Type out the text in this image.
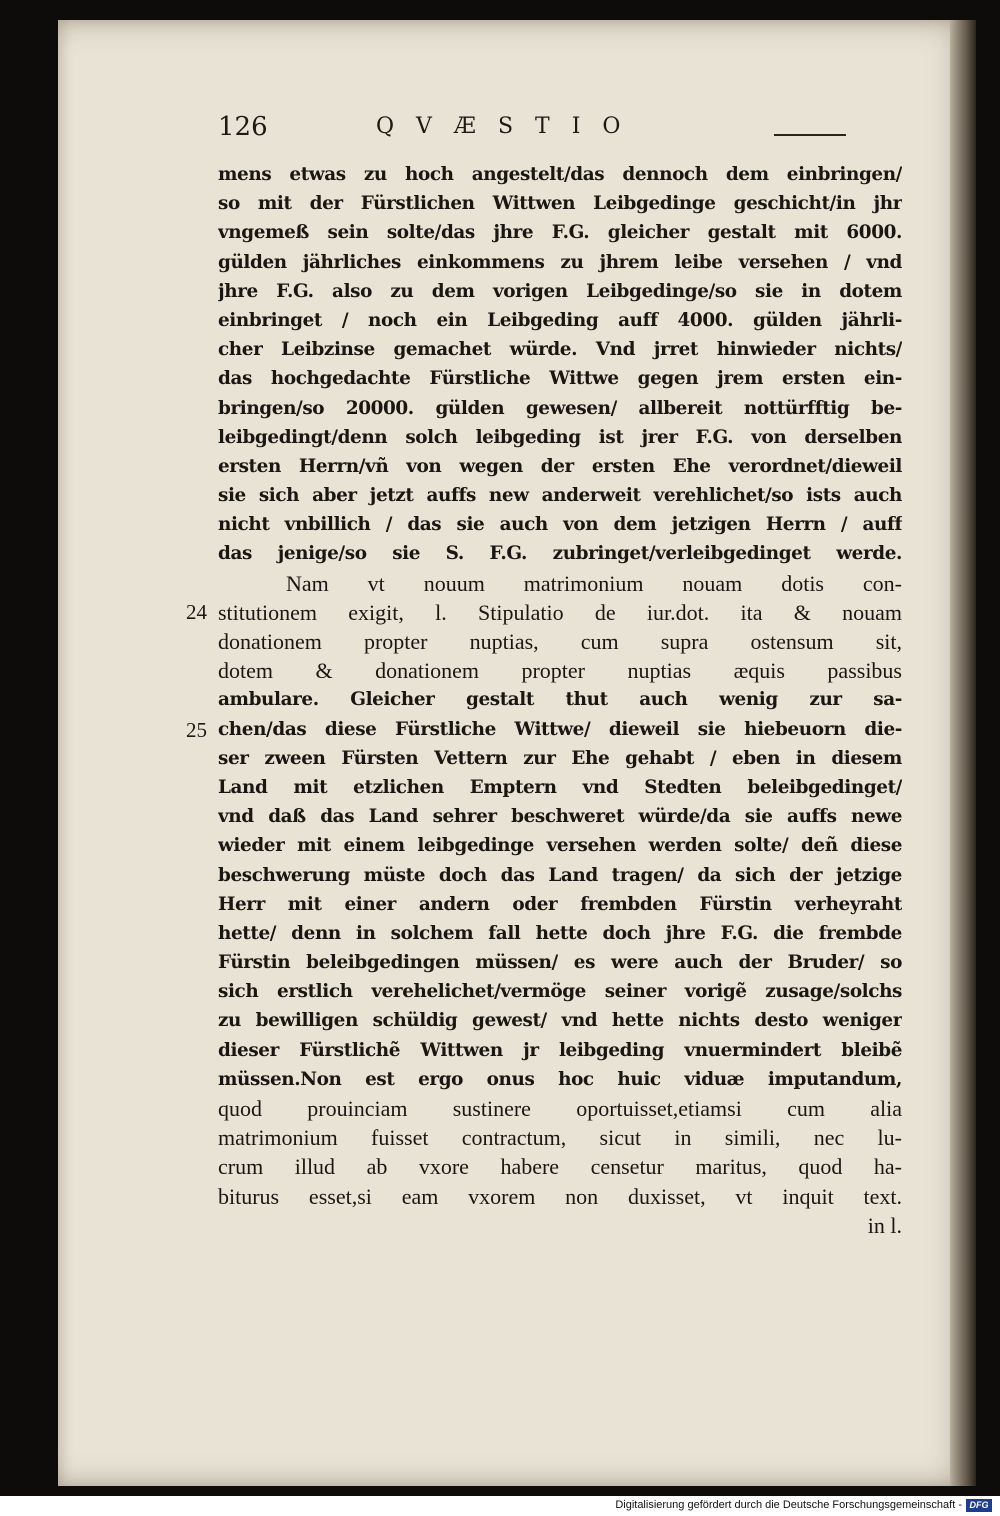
126	QVÆSTIO
24
25
mens etwas zu hoch angestelt/das dennoch dem einbringen/
so mit der Fürstlichen Wittwen Leibgedinge geschicht/in jhr
vngemeß sein solte/das jhre F.G. gleicher gestalt mit 6000.
gülden jährliches einkommens zu jhrem leibe versehen / vnd
jhre F.G. also zu dem vorigen Leibgedinge/so sie in dotem
einbringet / noch ein Leibgeding auff 4000. gülden jährli-
cher Leibzinse gemachet würde. Vnd jrret hinwieder nichts/
das hochgedachte Fürstliche Wittwe gegen jrem ersten ein-
bringen/so 20000. gülden gewesen/ allbereit nottürfftig be-
leibgedingt/denn solch leibgeding ist jrer F.G. von derselben
ersten Herrn/vñ von wegen der ersten Ehe verordnet/dieweil
sie sich aber jetzt auffs new anderweit verehlichet/so ists auch
nicht vnbillich / das sie auch von dem jetzigen Herrn / auff
das jenige/so sie S. F.G. zubringet/verleibgedinget werde.
Nam vt nouum matrimonium nouam dotis con-
stitutionem exigit, l. Stipulatio de iur.dot. ita & nouam
donationem propter nuptias, cum supra ostensum sit,
dotem & donationem propter nuptias æquis passibus
ambulare. Gleicher gestalt thut auch wenig zur sa-
chen/das diese Fürstliche Wittwe/ dieweil sie hiebeuorn die-
ser zween Fürsten Vettern zur Ehe gehabt / eben in diesem
Land mit etzlichen Emptern vnd Stedten beleibgedinget/
vnd daß das Land sehrer beschweret würde/da sie auffs newe
wieder mit einem leibgedinge versehen werden solte/ deñ diese
beschwerung müste doch das Land tragen/ da sich der jetzige
Herr mit einer andern oder frembden Fürstin verheyraht
hette/ denn in solchem fall hette doch jhre F.G. die frembde
Fürstin beleibgedingen müssen/ es were auch der Bruder/ so
sich erstlich verehelichet/vermöge seiner vorigẽ zusage/solchs
zu bewilligen schüldig gewest/ vnd hette nichts desto weniger
dieser Fürstlichẽ Wittwen jr leibgeding vnuermindert bleibẽ
müssen.Non est ergo onus hoc huic viduæ imputandum,
quod prouinciam sustinere oportuisset,etiamsi cum alia
matrimonium fuisset contractum, sicut in simili, nec lu-
crum illud ab vxore habere censetur maritus, quod ha-
biturus esset,si eam vxorem non duxisset, vt inquit text.
in l.
Digitalisierung gefördert durch die Deutsche Forschungsgemeinschaft - DFG
